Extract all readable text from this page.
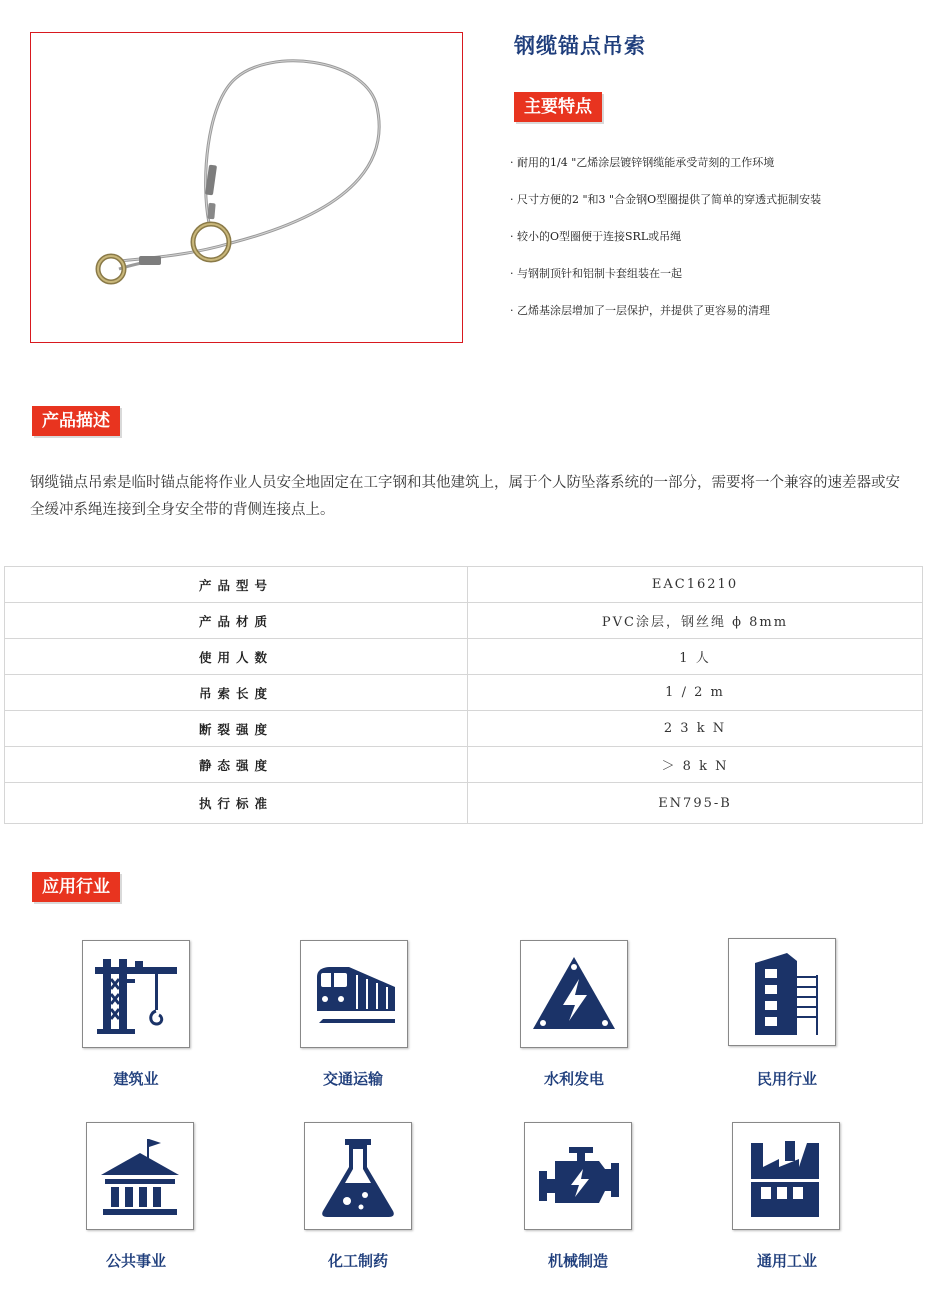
钢缆锚点吊索
主要特点
· 耐用的1/4 "乙烯涂层镀锌钢缆能承受苛刻的工作环境
· 尺寸方便的2 "和3 "合金钢O型圈提供了简单的穿透式扼制安装
· 较小的O型圈便于连接SRL或吊绳
· 与钢制顶针和铝制卡套组装在一起
· 乙烯基涂层增加了一层保护，并提供了更容易的清理
产品描述
钢缆锚点吊索是临时锚点能将作业人员安全地固定在工字钢和其他建筑上，属于个人防坠落系统的一部分，需要将一个兼容的速差器或安全缓冲系绳连接到全身安全带的背侧连接点上。
产品型号	EAC16210
产品材质	PVC涂层，钢丝绳 ϕ 8mm
使用人数	1 人
吊索长度	1 / 2 m
断裂强度	2 3 k N
静态强度	＞ 8 k N
执行标准	EN795-B
应用行业
建筑业	交通运输	水利发电	民用行业
公共事业	化工制药	机械制造	通用工业
